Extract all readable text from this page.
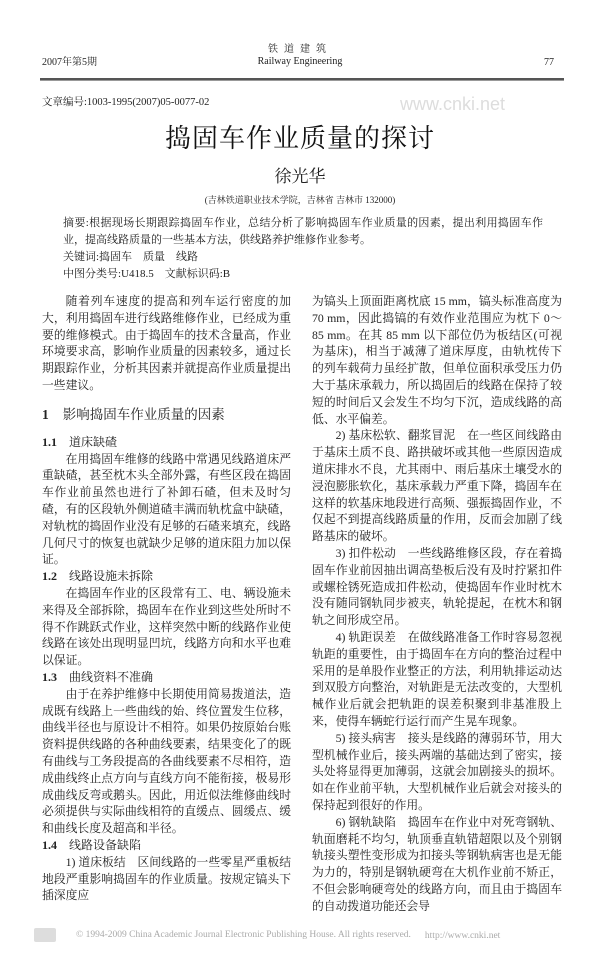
2007年第5期
铁道建筑
Railway Engineering	77
www.cnki.net
文章编号:1003-1995(2007)05-0077-02
捣固车作业质量的探讨
徐光华
(吉林铁道职业技术学院，吉林省 吉林市 132000)
摘要:根据现场长期跟踪捣固车作业，总结分析了影响捣固车作业质量的因素，提出利用捣固车作业，提高线路质量的一些基本方法，供线路养护维修作业参考。
关键词:捣固车　质量　线路
中图分类号:U418.5　文献标识码:B

随着列车速度的提高和列车运行密度的加大，利用捣固车进行线路维修作业，已经成为重要的维修模式。由于捣固车的技术含量高，作业环境要求高，影响作业质量的因素较多，通过长期跟踪作业，分析其因素并就提高作业质量提出一些建议。

1 影响捣固车作业质量的因素
1.1 道床缺碴

在用捣固车维修的线路中常遇见线路道床严重缺碴，甚至枕木头全部外露，有些区段在捣固车作业前虽然也进行了补卸石碴，但未及时匀碴，有的区段轨外侧道碴丰满而轨枕盒中缺碴，对轨枕的捣固作业没有足够的石碴来填充，线路几何尺寸的恢复也就缺少足够的道床阻力加以保证。

1.2 线路设施未拆除

在捣固车作业的区段常有工、电、辆设施未来得及全部拆除，捣固车在作业到这些处所时不得不作跳跃式作业，这样突然中断的线路作业使线路在该处出现明显凹坑，线路方向和水平也难以保证。

1.3 曲线资料不准确

由于在养护维修中长期使用简易拨道法，造成既有线路上一些曲线的始、终位置发生位移，曲线半径也与原设计不相符。如果仍按原始台账资料提供线路的各种曲线要素，结果变化了的既有曲线与工务段提高的各曲线要素不尽相符，造成曲线终止点方向与直线方向不能衔接，极易形成曲线反弯或鹅头。因此，用近似法维修曲线时必须提供与实际曲线相符的直缓点、圆缓点、缓和曲线长度及超高和半径。

1.4 线路设备缺陷

1) 道床板结 区间线路的一些零星严重板结地段严重影响捣固车的作业质量。按规定镐头下插深度应

为镐头上顶面距离枕底 15 mm，镐头标准高度为 70 mm，因此捣镐的有效作业范围应为枕下 0～85 mm。在其 85 mm 以下部位仍为板结区(可视为基床)，相当于减薄了道床厚度，由轨枕传下的列车载荷力虽经扩散，但单位面积承受压力仍大于基床承载力，所以捣固后的线路在保持了较短的时间后又会发生不均匀下沉，造成线路的高低、水平偏差。

2) 基床松软、翻浆冒泥 在一些区间线路由于基床土质不良、路拱破坏或其他一些原因造成道床排水不良，尤其雨中、雨后基床土壤受水的浸泡膨胀软化，基床承载力严重下降，捣固车在这样的软基床地段进行高频、强振捣固作业，不仅起不到提高线路质量的作用，反而会加剧了线路基床的破坏。

3) 扣件松动 一些线路维修区段，存在着捣固车作业前因抽出调高垫板后没有及时拧紧扣件或螺栓锈死造成扣件松动，使捣固车作业时枕木没有随同钢轨同步被夹，轨轮提起，在枕木和钢轨之间形成空吊。

4) 轨距误差 在做线路准备工作时容易忽视轨距的重要性，由于捣固车在方向的整治过程中采用的是单股作业整正的方法，利用轨排运动达到双股方向整治，对轨距是无法改变的，大型机械作业后就会把轨距的误差积聚到非基准股上来，使得车辆蛇行运行而产生晃车现象。

5) 接头病害 接头是线路的薄弱环节，用大型机械作业后，接头两端的基础达到了密实，接头处将显得更加薄弱，这就会加剧接头的损坏。如在作业前平轨，大型机械作业后就会对接头的保持起到很好的作用。

6) 钢轨缺陷 捣固车在作业中对死弯钢轨、轨面磨耗不均匀，轨顶垂直轨错超限以及个别钢轨接头塑性变形成为扣接头等钢轨病害也是无能为力的，特别是钢轨硬弯在大机作业前不矫正，不但会影响硬弯处的线路方向，而且由于捣固车的自动拨道功能还会导

© 1994-2009 China Academic Journal Electronic Publishing House. All rights reserved. http://www.cnki.net
